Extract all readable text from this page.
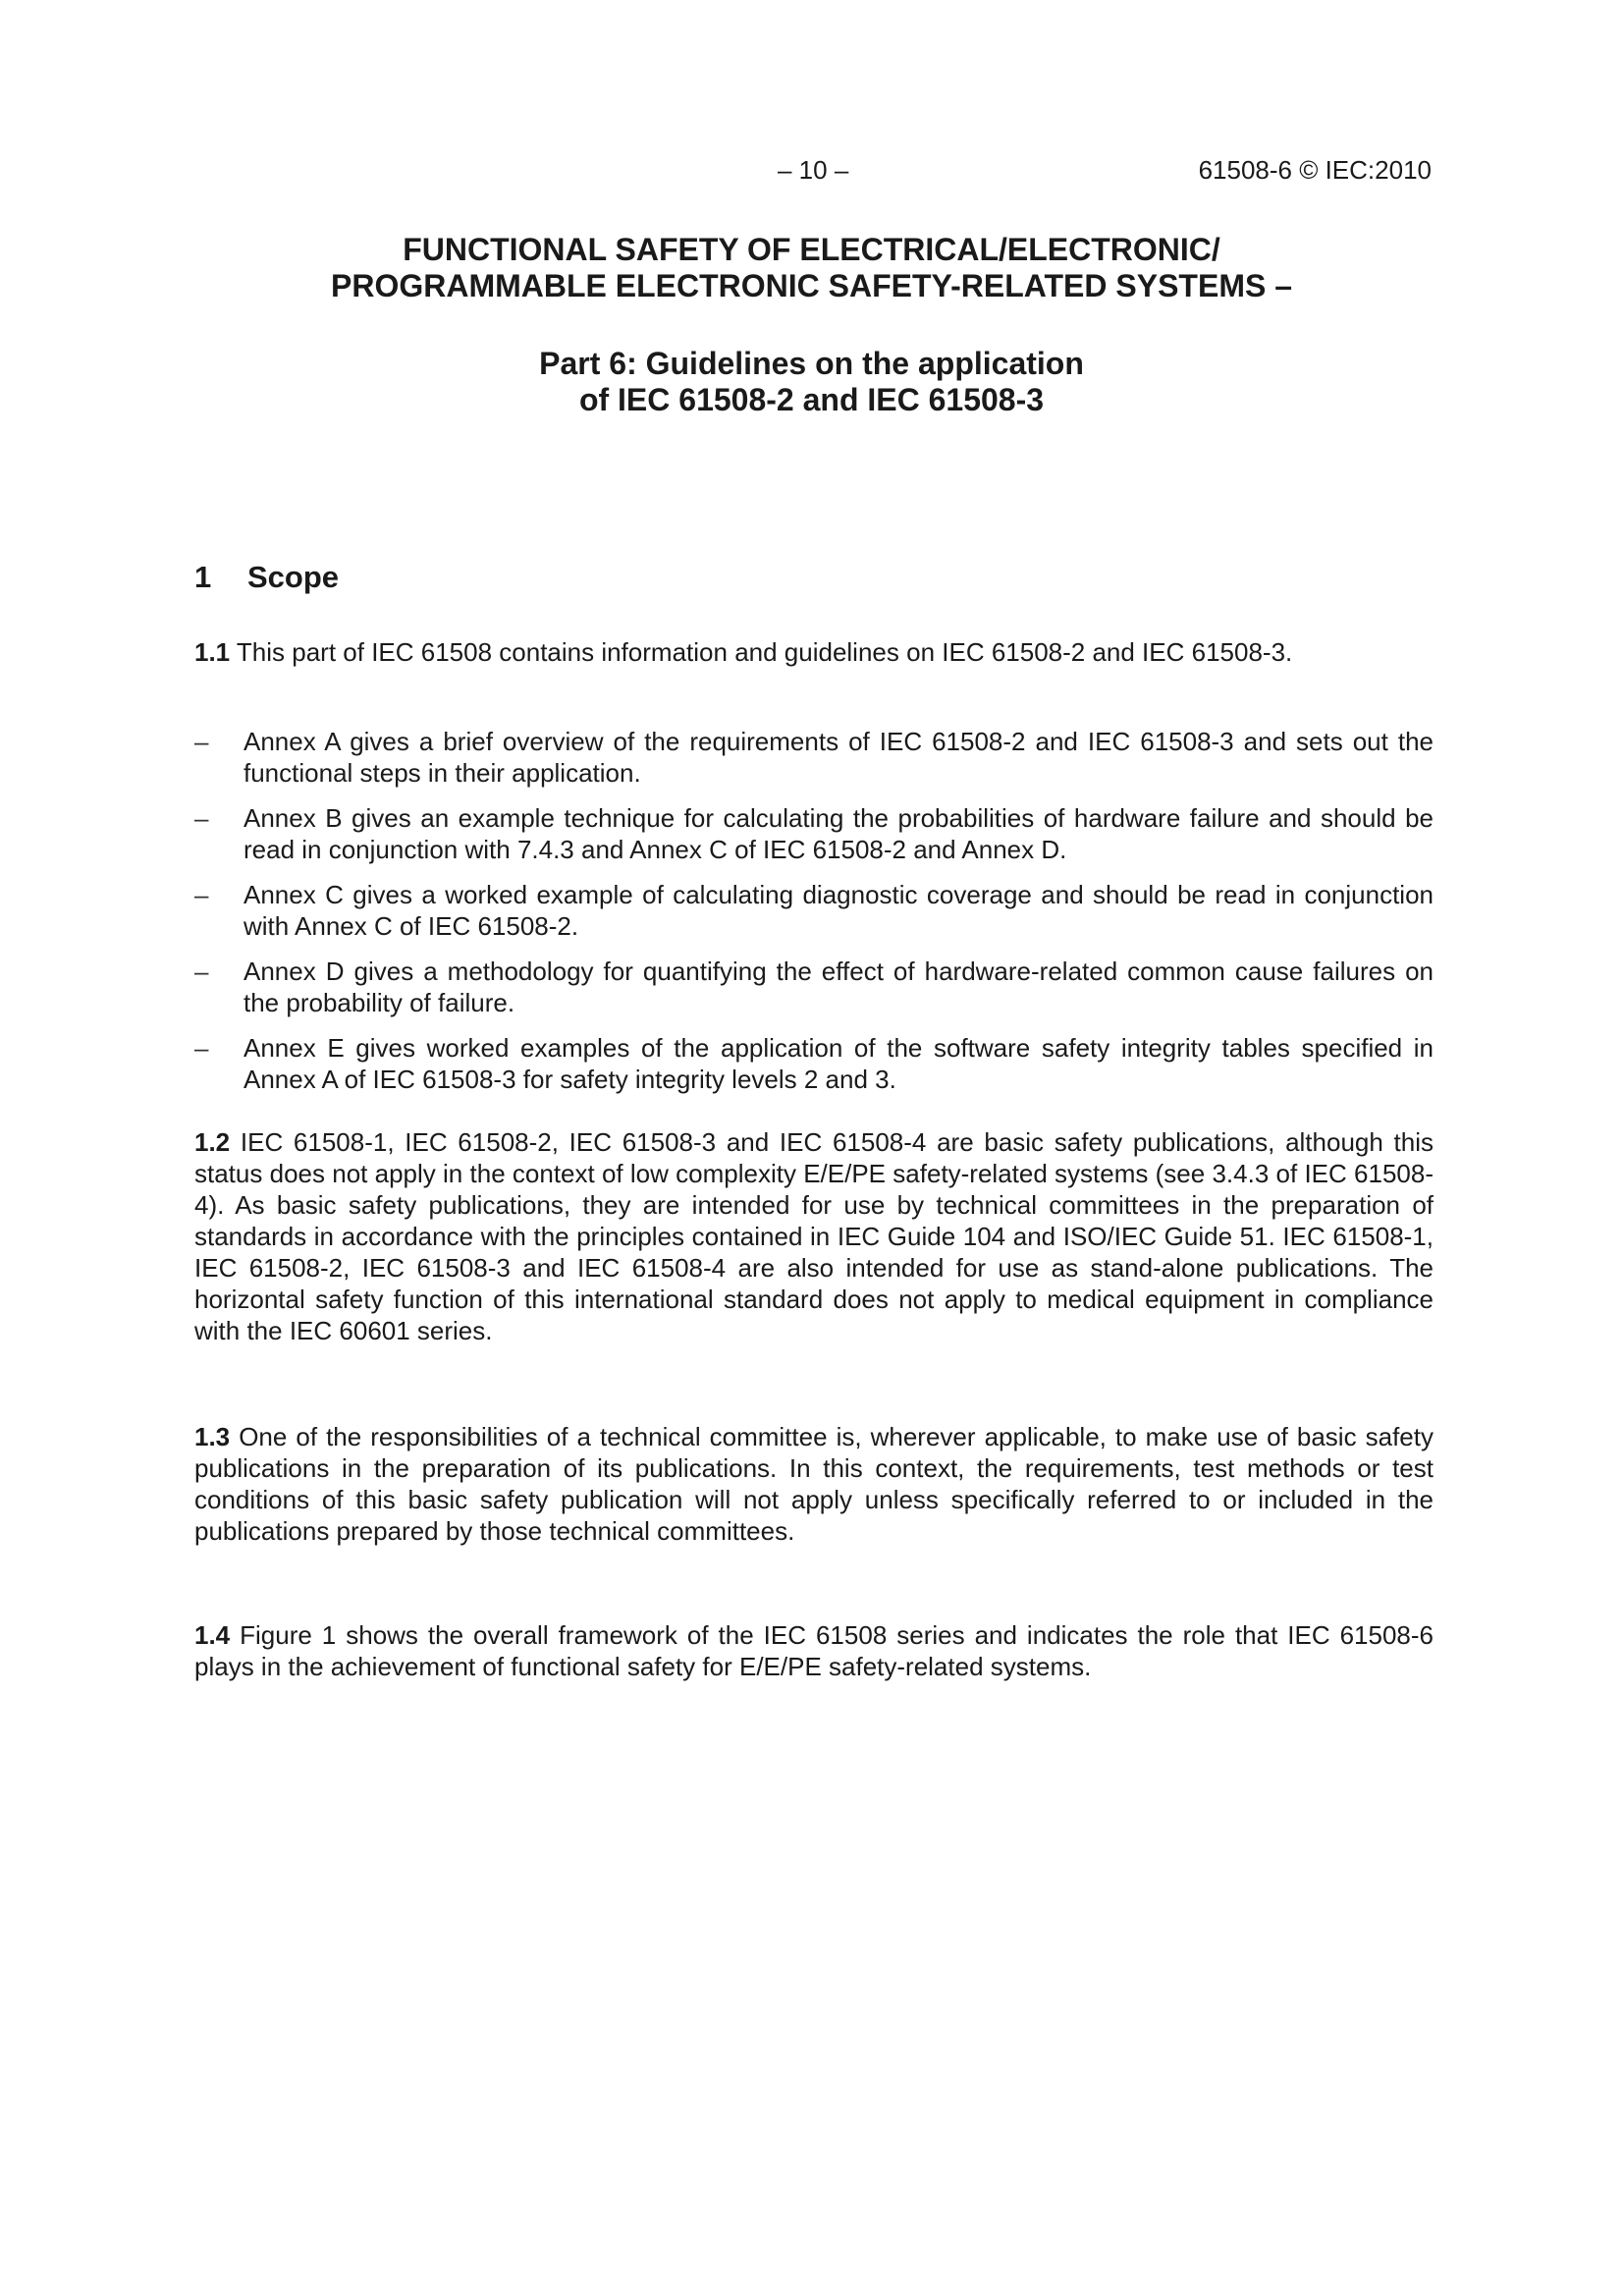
– 10 –	61508-6 © IEC:2010
FUNCTIONAL SAFETY OF ELECTRICAL/ELECTRONIC/
PROGRAMMABLE ELECTRONIC SAFETY-RELATED SYSTEMS –
Part 6: Guidelines on the application
of IEC 61508-2 and IEC 61508-3
1 Scope

1.1 This part of IEC 61508 contains information and guidelines on IEC 61508-2 and IEC 61508-3.

–	Annex A gives a brief overview of the requirements of IEC 61508-2 and IEC 61508-3 and sets out the functional steps in their application.
–	Annex B gives an example technique for calculating the probabilities of hardware failure and should be read in conjunction with 7.4.3 and Annex C of IEC 61508-2 and Annex D.
–	Annex C gives a worked example of calculating diagnostic coverage and should be read in conjunction with Annex C of IEC 61508-2.
–	Annex D gives a methodology for quantifying the effect of hardware-related common cause failures on the probability of failure.
–	Annex E gives worked examples of the application of the software safety integrity tables specified in Annex A of IEC 61508-3 for safety integrity levels 2 and 3.

1.2 IEC 61508-1, IEC 61508-2, IEC 61508-3 and IEC 61508-4 are basic safety publications, although this status does not apply in the context of low complexity E/E/PE safety-related systems (see 3.4.3 of IEC 61508-4). As basic safety publications, they are intended for use by technical committees in the preparation of standards in accordance with the principles contained in IEC Guide 104 and ISO/IEC Guide 51. IEC 61508-1, IEC 61508-2, IEC 61508-3 and IEC 61508-4 are also intended for use as stand-alone publications. The horizontal safety function of this international standard does not apply to medical equipment in compliance with the IEC 60601 series.

1.3 One of the responsibilities of a technical committee is, wherever applicable, to make use of basic safety publications in the preparation of its publications. In this context, the requirements, test methods or test conditions of this basic safety publication will not apply unless specifically referred to or included in the publications prepared by those technical committees.

1.4 Figure 1 shows the overall framework of the IEC 61508 series and indicates the role that IEC 61508-6 plays in the achievement of functional safety for E/E/PE safety-related systems.
